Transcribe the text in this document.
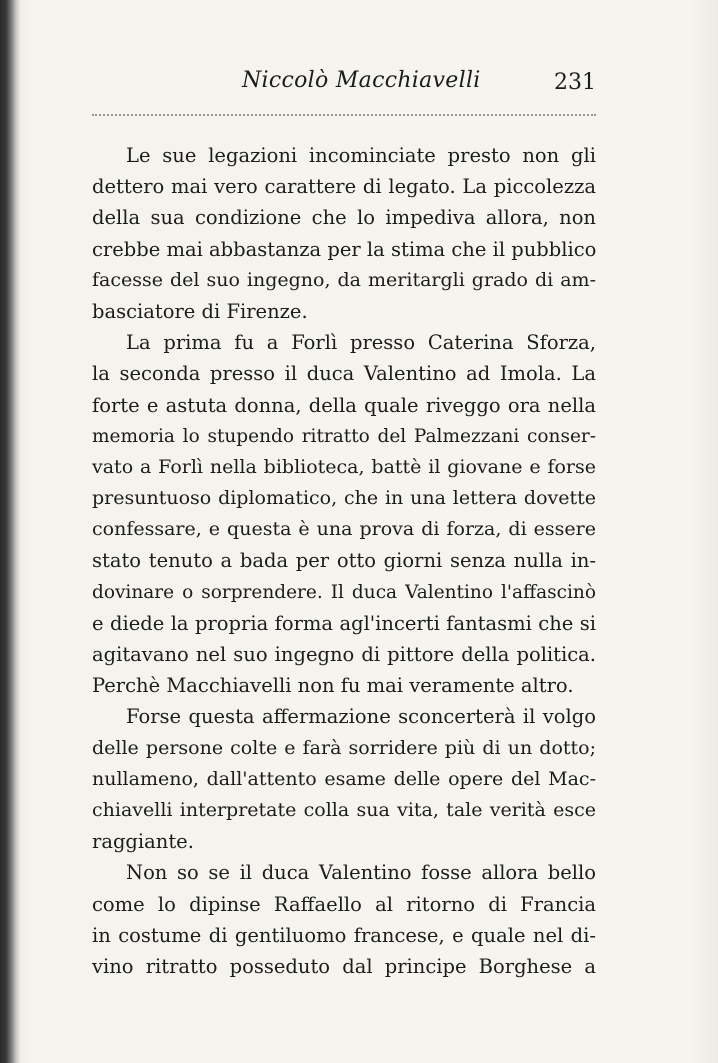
Niccolò Macchiavelli	231
Le sue legazioni incominciate presto non gli
dettero mai vero carattere di legato. La piccolezza
della sua condizione che lo impediva allora, non
crebbe mai abbastanza per la stima che il pubblico
facesse del suo ingegno, da meritargli grado di am-
basciatore di Firenze.
La prima fu a Forlì presso Caterina Sforza,
la seconda presso il duca Valentino ad Imola. La
forte e astuta donna, della quale riveggo ora nella
memoria lo stupendo ritratto del Palmezzani conser-
vato a Forlì nella biblioteca, battè il giovane e forse
presuntuoso diplomatico, che in una lettera dovette
confessare, e questa è una prova di forza, di essere
stato tenuto a bada per otto giorni senza nulla in-
dovinare o sorprendere. Il duca Valentino l'affascinò
e diede la propria forma agl'incerti fantasmi che si
agitavano nel suo ingegno di pittore della politica.
Perchè Macchiavelli non fu mai veramente altro.
Forse questa affermazione sconcerterà il volgo
delle persone colte e farà sorridere più di un dotto;
nullameno, dall'attento esame delle opere del Mac-
chiavelli interpretate colla sua vita, tale verità esce
raggiante.
Non so se il duca Valentino fosse allora bello
come lo dipinse Raffaello al ritorno di Francia
in costume di gentiluomo francese, e quale nel di-
vino ritratto posseduto dal principe Borghese a
